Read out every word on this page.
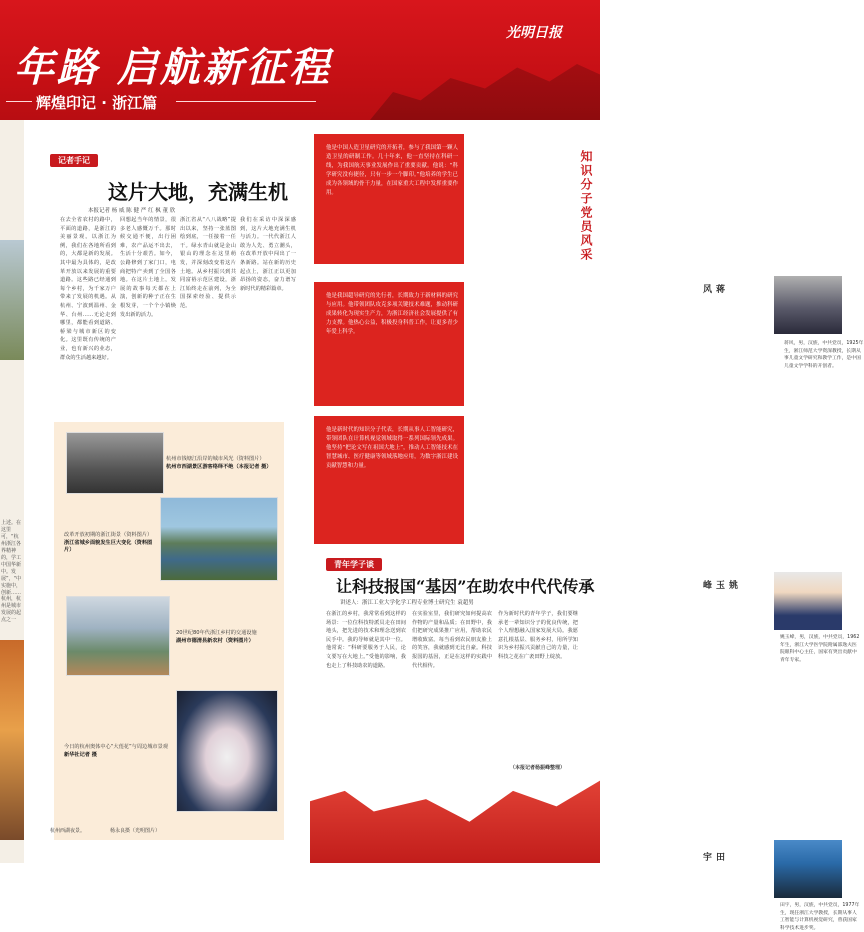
年路 启航新征程
辉煌印记 · 浙江篇
光明日报
上述。在这里可，“杭州浙江各界精神的，学工中国华新中。发展”，“中实施中，创新……
杭州，杭州是城市发展的起点之一
记者手记
这片大地，充满生机
本报记者 杨 威 陈 健 严 红 枫 董 欣
在去全省农村的路中，平面的道路，是浙江的美丽景观。以浙江为例，我们在各地所看到的，大都是新的发展。其中最为具体的，是改革开放以来发展的重要道路。这些路已经通到每个乡村，为千家万户带来了发展的机遇。从杭州、宁波到温州、金华、台州……无论走到哪里，都能看到道路、桥梁与城市新区的变化。这里既有传统的产业，也有新兴的业态，群众的生活越来越好。
回想起当年的情景，很多老人感慨万千。那时候交通不便，出行困难，农产品运不出去，生活十分艰苦。如今，公路修到了家门口，电商把特产卖到了全国各地。在这片土地上，发展的故事每天都在上演，创新的种子正在生根发芽，一个个小镇焕发出新的活力。
浙江省从“八八战略”提出以来，坚持一张蓝图绘到底，一任接着一任干。绿水青山就是金山银山的理念在这里萌发，并深刻改变着这片土地。从乡村振兴到共同富裕示范区建设，浙江始终走在前列，为全国探索经验、提供示范。
我们在采访中深深感到，这片大地充满生机与活力。一代代浙江人敢为人先、勇立潮头，在改革开放中闯出了一条新路。站在新的历史起点上，浙江正以更加昂扬的姿态，奋力谱写新时代的精彩篇章。
杭州市钱塘江沿岸的城市风光（资料图片）
杭州市西湖景区游客络绎不绝（本报记者 摄）
改革开放初期的浙江街景（资料图片）
浙江省城乡面貌发生巨大变化（资料图片）
20世纪80年代浙江乡村的交通设施
湖州市德清县新农村（资料图片）
今日的杭州奥体中心“大莲花”与周边城市景观
新华社记者 摄
杭州西湖夜景。	杨永良摄（光明图片）
知识分子党员风采
他是中国人造卫星研究的开拓者，参与了我国第一颗人造卫星的研制工作。几十年来，他一直坚持在科研一线，为我国航天事业发展作出了重要贡献。他说：“科学研究没有捷径，只有一步一个脚印。”他培养的学生已成为各领域的骨干力量，在国家重大工程中发挥重要作用。
蒋风
蒋风，男，汉族，中共党员，1925年生，浙江师范大学资深教授，长期从事儿童文学研究和教学工作，是中国儿童文学学科的开创者。
他是我国超导研究的先行者，长期致力于新材料的研究与应用。他带领团队攻克多项关键技术难题，推动科研成果转化为现实生产力，为浙江经济社会发展提供了有力支撑。他热心公益，积极投身科普工作，让更多青少年爱上科学。
姚玉峰
姚玉峰，男，汉族，中共党员，1962年生，浙江大学医学院附属邵逸夫医院眼科中心主任，国家有突出贡献中青年专家。
他是新时代的知识分子代表，长期从事人工智能研究，带领团队在计算机视觉领域取得一系列国际领先成果。他坚持“把论文写在祖国大地上”，推动人工智能技术在智慧城市、医疗健康等领域落地应用，为数字浙江建设贡献智慧和力量。
田宇
田宇，男，汉族，中共党员，1977年生，现任浙江大学教授，长期从事人工智能与计算机视觉研究，曾获国家科学技术进步奖。
青年学子谈
让科技报国“基因”在助农中代代传承
讲述人：浙江工业大学化学工程专业博士研究生 袁超男
在浙江的乡村，我常常看到这样的场景：一位位科技特派员走在田间地头，把先进的技术和理念送到农民手中。我的导师就是其中一位。他常说：“科研要服务于人民，论文要写在大地上。”受他的影响，我也走上了科技助农的道路。
在实验室里，我们研究如何提高农作物的产量和品质；在田野中，我们把研究成果推广应用，帮助农民增收致富。每当看到农民朋友脸上的笑容，我就感到无比自豪。科技报国的基因，正是在这样的实践中代代相传。
作为新时代的青年学子，我们要继承老一辈知识分子的优良传统，把个人理想融入国家发展大局。我愿意扎根基层、服务乡村，用所学知识为乡村振兴贡献自己的力量，让科技之花在广袤田野上绽放。
（本报记者杨振峰整理）
